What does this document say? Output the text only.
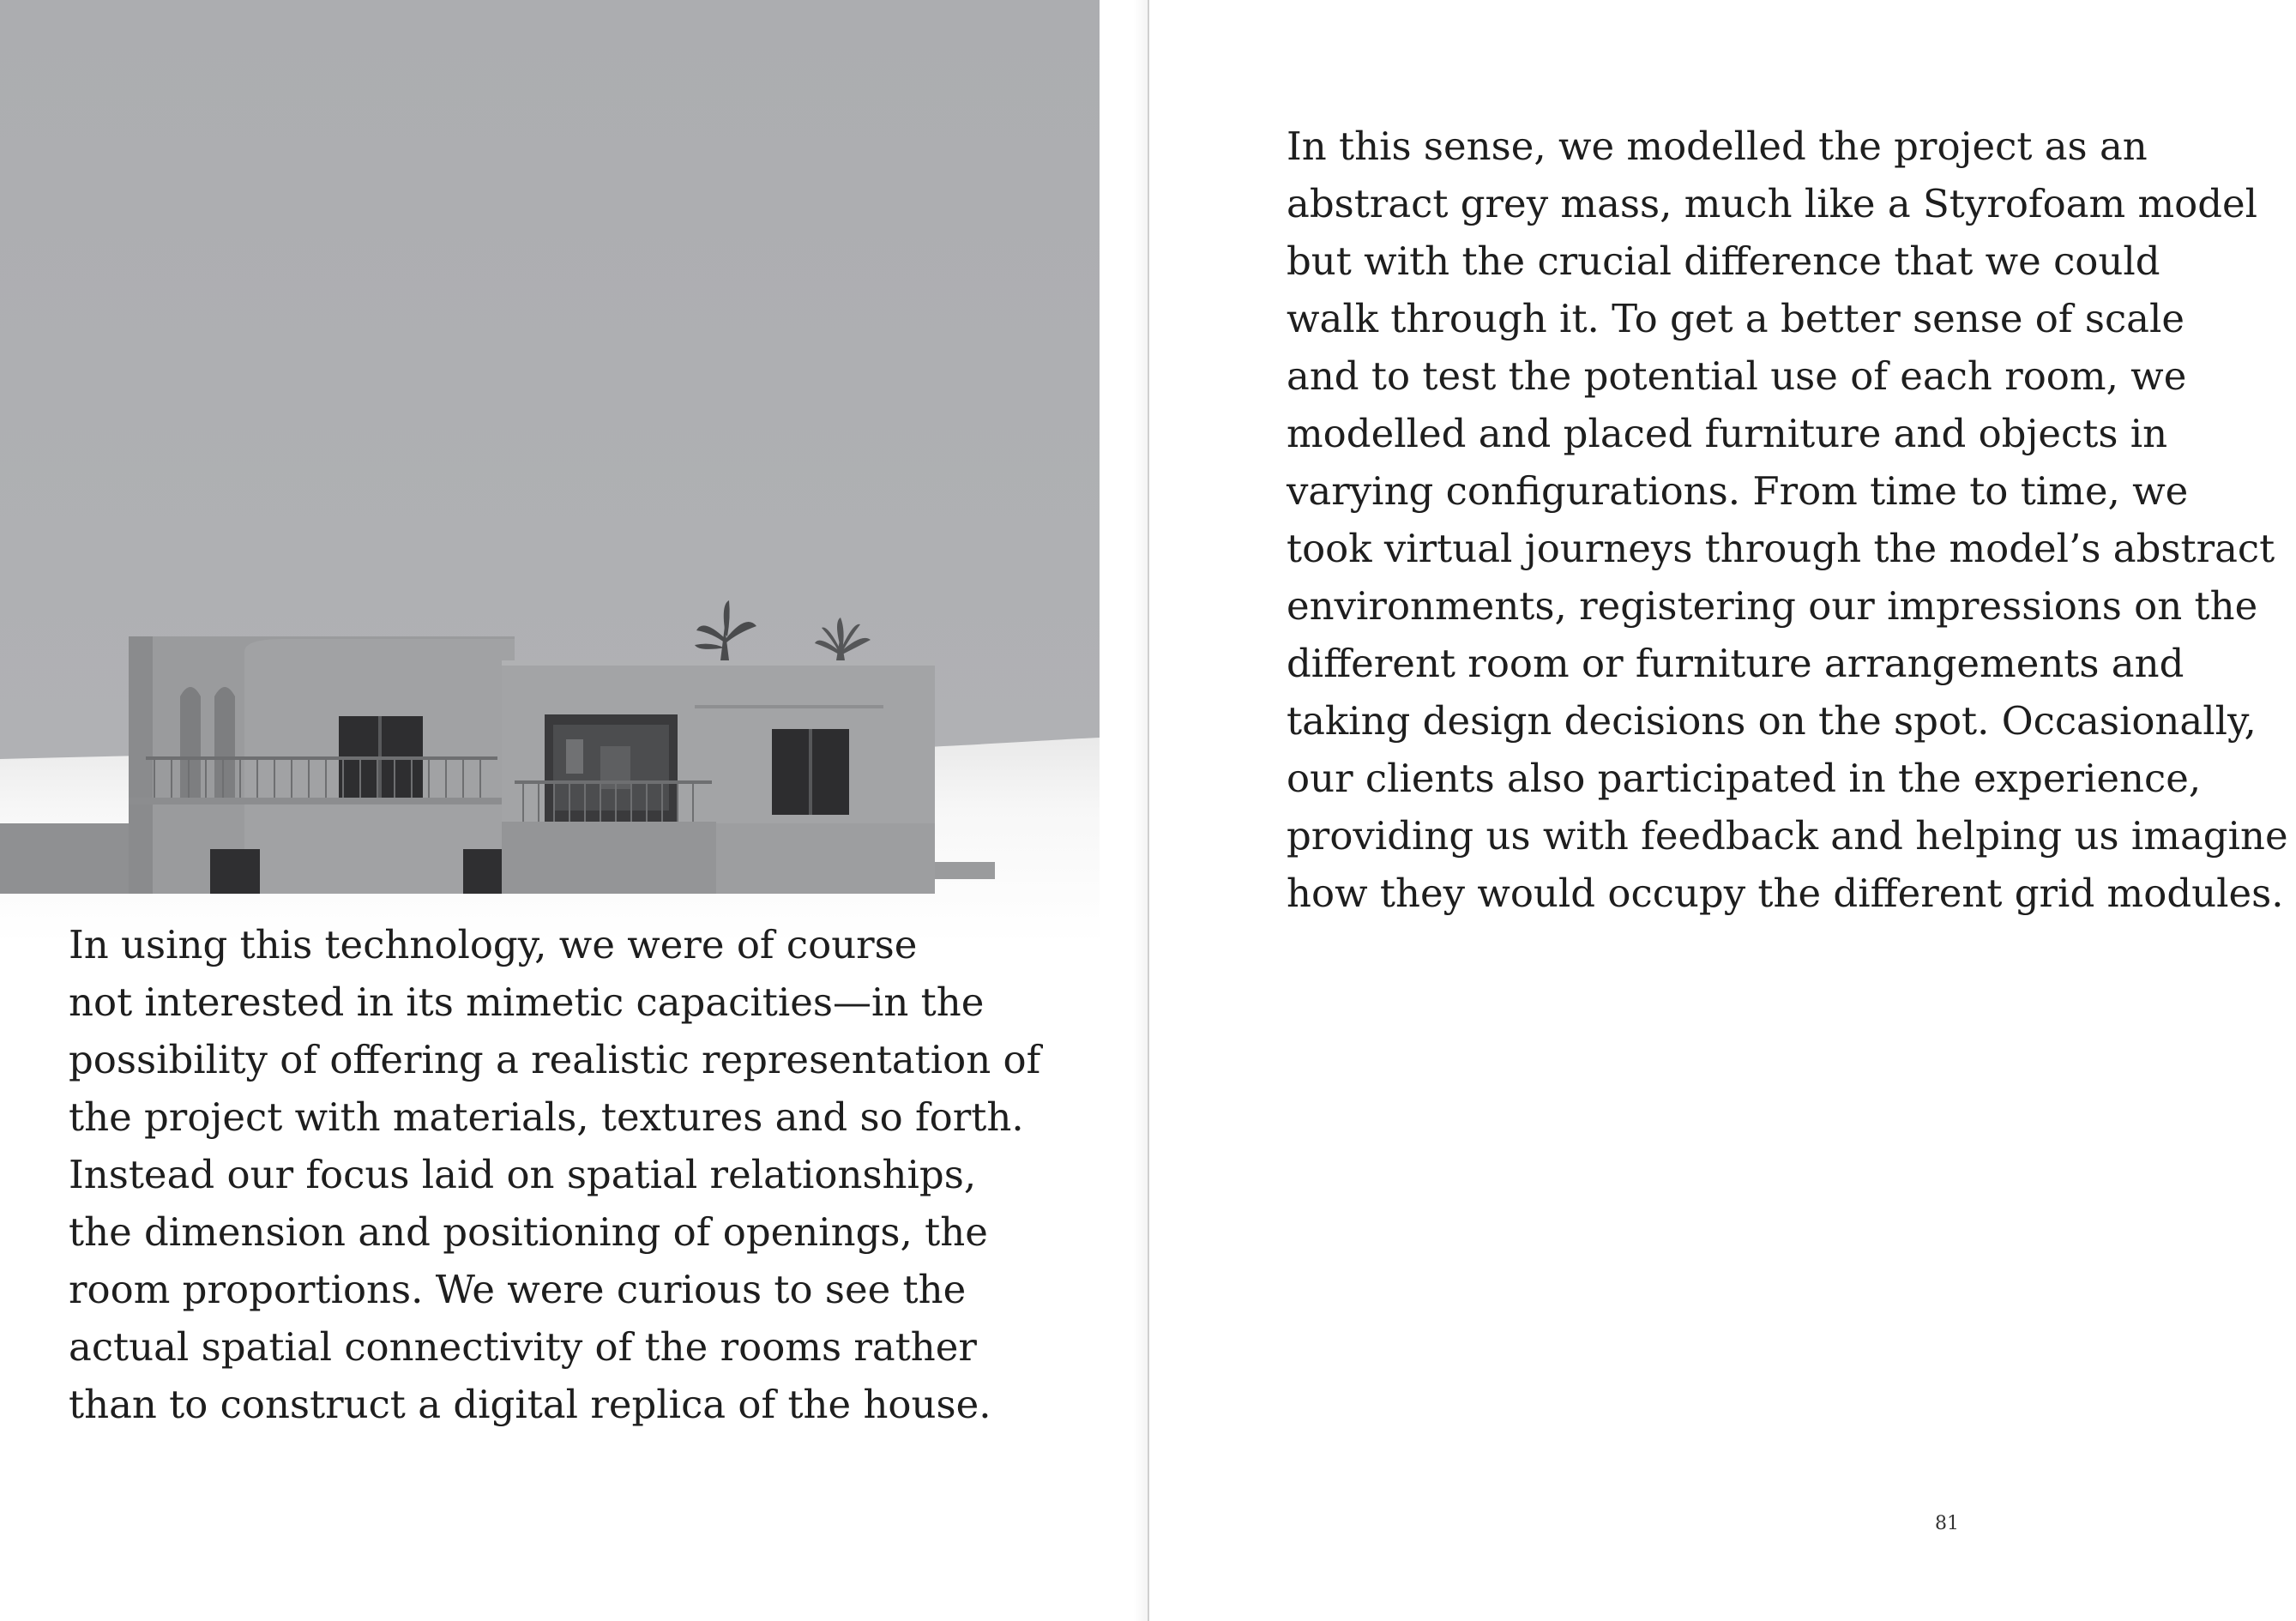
In using this technology, we were of course
not interested in its mimetic capacities—in the
possibility of offering a realistic representation of
the project with materials, textures and so forth.
Instead our focus laid on spatial relationships,
the dimension and positioning of openings, the
room proportions. We were curious to see the
actual spatial connectivity of the rooms rather
than to construct a digital replica of the house.

In this sense, we modelled the project as an
abstract grey mass, much like a Styrofoam model
but with the crucial difference that we could
walk through it. To get a better sense of scale
and to test the potential use of each room, we
modelled and placed furniture and objects in
varying configurations. From time to time, we
took virtual journeys through the model’s abstract
environments, registering our impressions on the
different room or furniture arrangements and
taking design decisions on the spot. Occasionally,
our clients also participated in the experience,
providing us with feedback and helping us imagine
how they would occupy the different grid modules.

81
